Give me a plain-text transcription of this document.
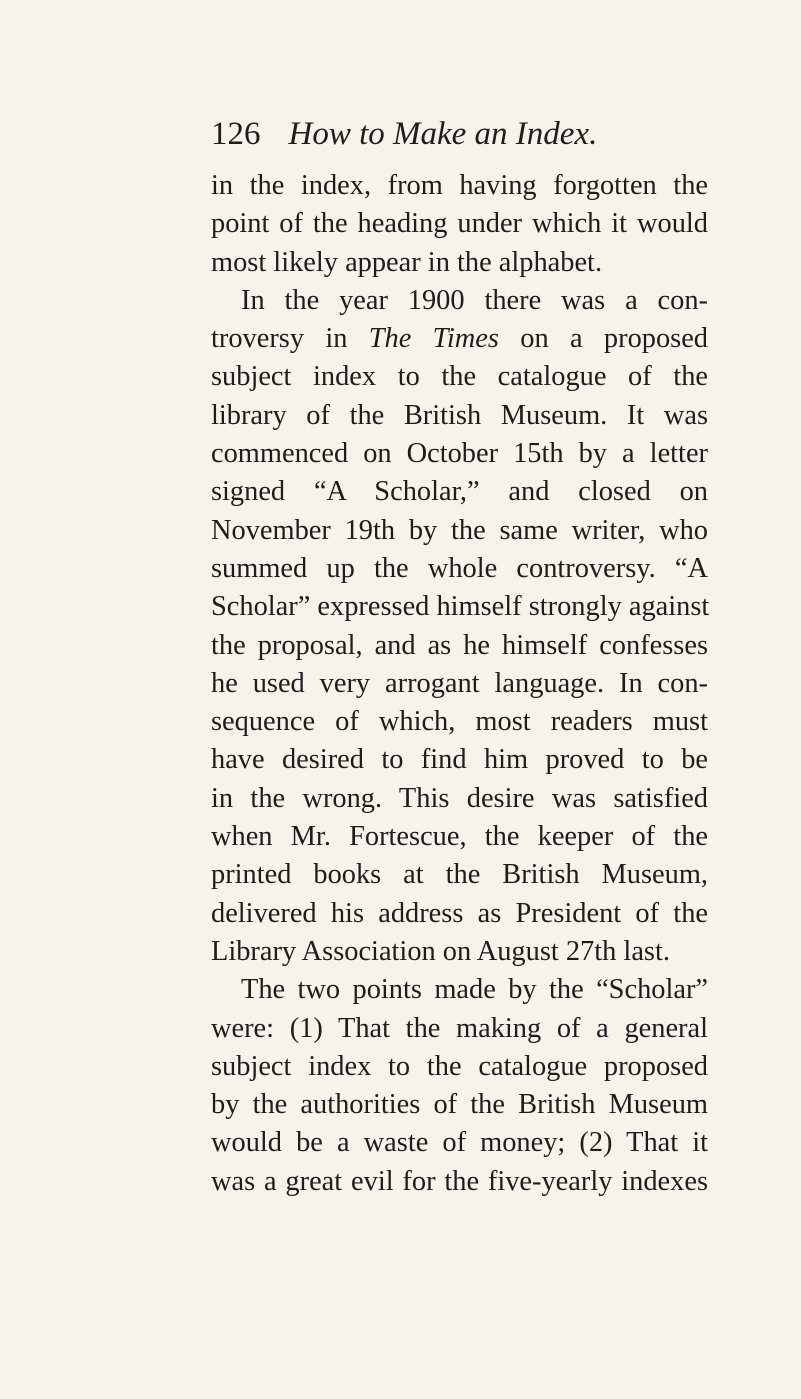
126 How to Make an Index.
in the index, from having forgotten the
point of the heading under which it would
most likely appear in the alphabet.
In the year 1900 there was a con-
troversy in The Times on a proposed
subject index to the catalogue of the
library of the British Museum. It was
commenced on October 15th by a letter
signed “A Scholar,” and closed on
November 19th by the same writer, who
summed up the whole controversy. “A
Scholar” expressed himself strongly against
the proposal, and as he himself confesses
he used very arrogant language. In con-
sequence of which, most readers must
have desired to find him proved to be
in the wrong. This desire was satisfied
when Mr. Fortescue, the keeper of the
printed books at the British Museum,
delivered his address as President of the
Library Association on August 27th last.
The two points made by the “Scholar”
were: (1) That the making of a general
subject index to the catalogue proposed
by the authorities of the British Museum
would be a waste of money; (2) That it
was a great evil for the five-yearly indexes
